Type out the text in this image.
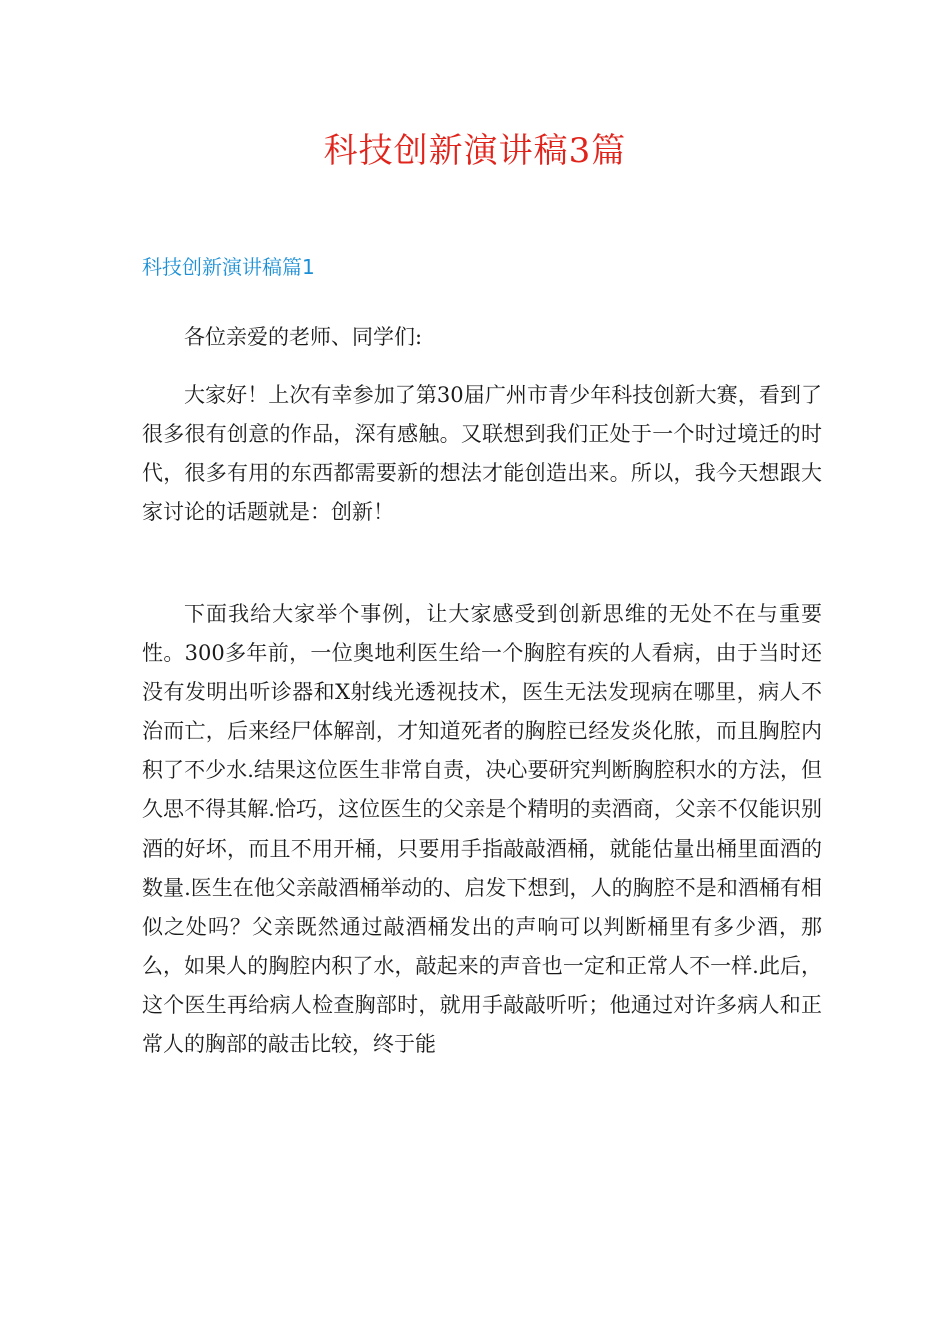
科技创新演讲稿3篇
科技创新演讲稿篇1

各位亲爱的老师、同学们:

大家好！上次有幸参加了第30届广州市青少年科技创新大赛，看到了很多很有创意的作品，深有感触。又联想到我们正处于一个时过境迁的时代，很多有用的东西都需要新的想法才能创造出来。所以，我今天想跟大家讨论的话题就是：创新！

下面我给大家举个事例，让大家感受到创新思维的无处不在与重要性。300多年前，一位奥地利医生给一个胸腔有疾的人看病，由于当时还没有发明出听诊器和X射线光透视技术，医生无法发现病在哪里，病人不治而亡，后来经尸体解剖，才知道死者的胸腔已经发炎化脓，而且胸腔内积了不少水.结果这位医生非常自责，决心要研究判断胸腔积水的方法，但久思不得其解.恰巧，这位医生的父亲是个精明的卖酒商，父亲不仅能识别酒的好坏，而且不用开桶，只要用手指敲敲酒桶，就能估量出桶里面酒的数量.医生在他父亲敲酒桶举动的、启发下想到，人的胸腔不是和酒桶有相似之处吗？父亲既然通过敲酒桶发出的声响可以判断桶里有多少酒，那么，如果人的胸腔内积了水，敲起来的声音也一定和正常人不一样.此后，这个医生再给病人检查胸部时，就用手敲敲听听；他通过对许多病人和正常人的胸部的敲击比较，终于能
